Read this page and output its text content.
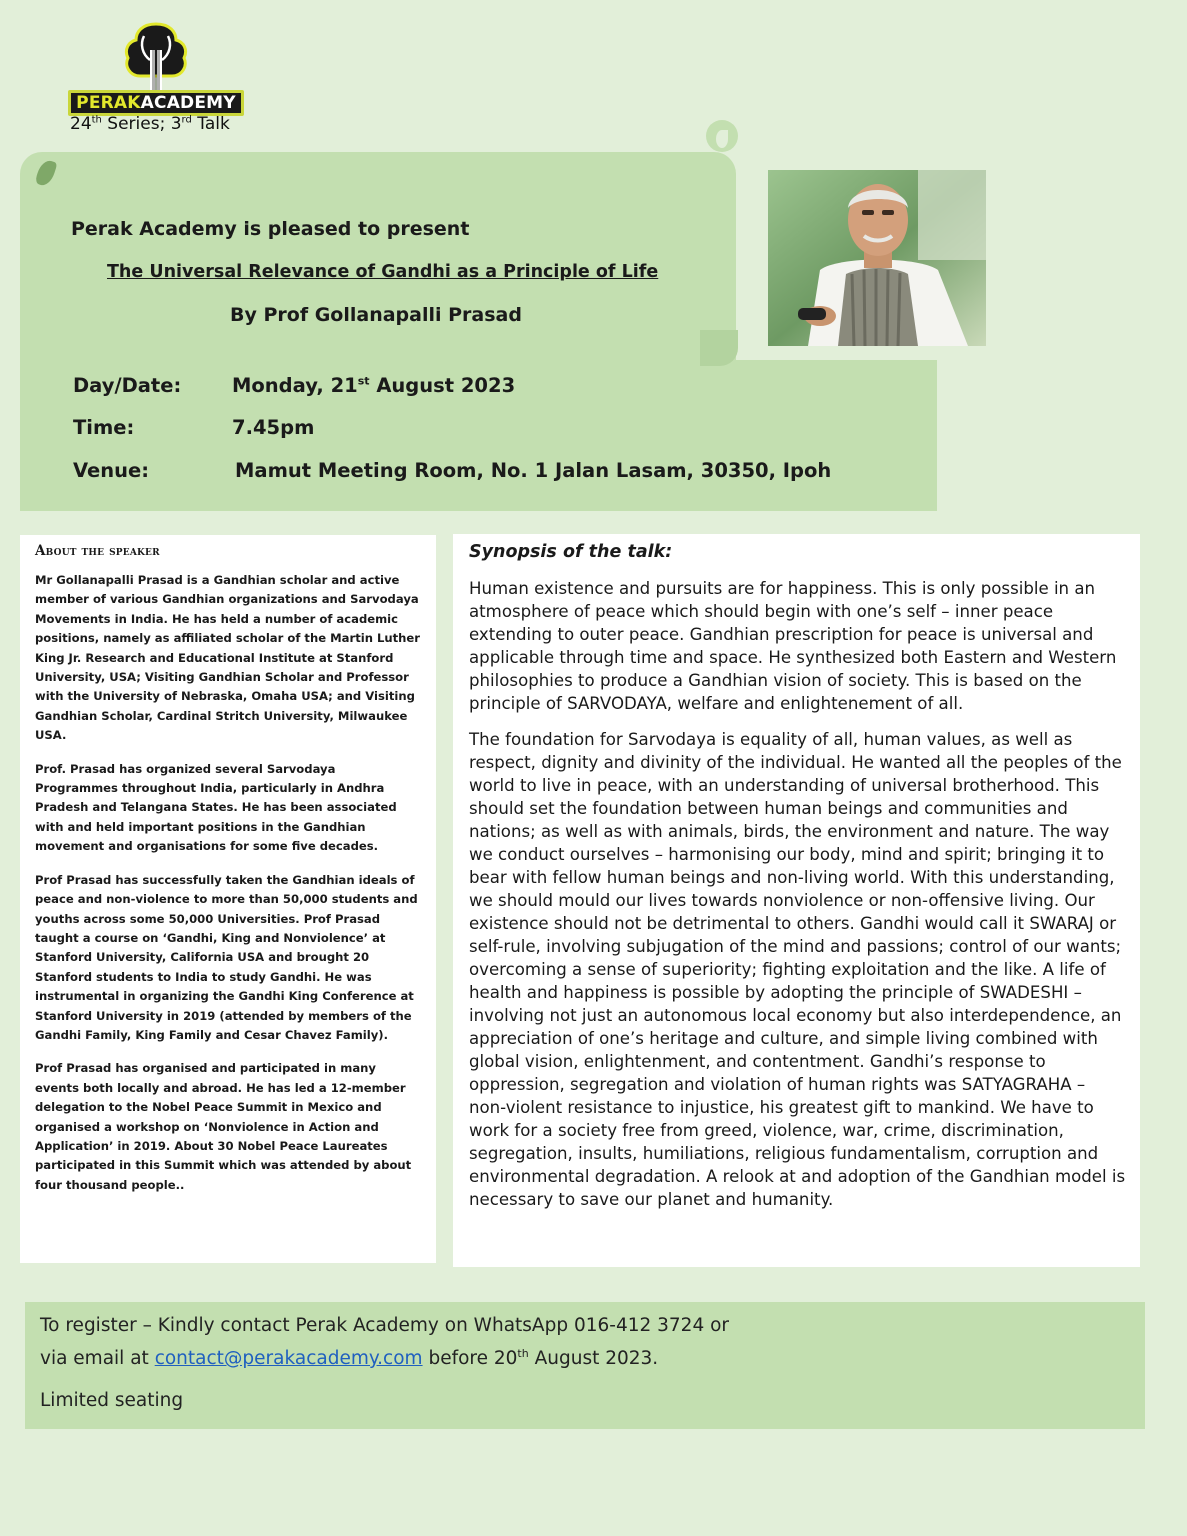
PERAKACADEMY
24th Series; 3rd Talk
Perak Academy is pleased to present
The Universal Relevance of Gandhi as a Principle of Life
By Prof Gollanapalli Prasad
Day/Date:	Monday, 21st August 2023
Time:	7.45pm
Venue:	Mamut Meeting Room, No. 1 Jalan Lasam, 30350, Ipoh
About the speaker

Mr Gollanapalli Prasad is a Gandhian scholar and active member of various Gandhian organizations and Sarvodaya Movements in India. He has held a number of academic positions, namely as affiliated scholar of the Martin Luther King Jr. Research and Educational Institute at Stanford University, USA; Visiting Gandhian Scholar and Professor with the University of Nebraska, Omaha USA; and Visiting Gandhian Scholar, Cardinal Stritch University, Milwaukee USA.

Prof. Prasad has organized several Sarvodaya Programmes throughout India, particularly in Andhra Pradesh and Telangana States. He has been associated with and held important positions in the Gandhian movement and organisations for some five decades.

Prof Prasad has successfully taken the Gandhian ideals of peace and non-violence to more than 50,000 students and youths across some 50,000 Universities. Prof Prasad taught a course on ‘Gandhi, King and Nonviolence’ at Stanford University, California USA and brought 20 Stanford students to India to study Gandhi. He was instrumental in organizing the Gandhi King Conference at Stanford University in 2019 (attended by members of the Gandhi Family, King Family and Cesar Chavez Family).

Prof Prasad has organised and participated in many events both locally and abroad. He has led a 12-member delegation to the Nobel Peace Summit in Mexico and organised a workshop on ‘Nonviolence in Action and Application’ in 2019. About 30 Nobel Peace Laureates participated in this Summit which was attended by about four thousand people..

Synopsis of the talk:

Human existence and pursuits are for happiness. This is only possible in an atmosphere of peace which should begin with one’s self – inner peace extending to outer peace. Gandhian prescription for peace is universal and applicable through time and space. He synthesized both Eastern and Western philosophies to produce a Gandhian vision of society. This is based on the principle of SARVODAYA, welfare and enlightenement of all.

The foundation for Sarvodaya is equality of all, human values, as well as respect, dignity and divinity of the individual. He wanted all the peoples of the world to live in peace, with an understanding of universal brotherhood. This should set the foundation between human beings and communities and nations; as well as with animals, birds, the environment and nature. The way we conduct ourselves – harmonising our body, mind and spirit; bringing it to bear with fellow human beings and non-living world. With this understanding, we should mould our lives towards nonviolence or non-offensive living. Our existence should not be detrimental to others. Gandhi would call it SWARAJ or self-rule, involving subjugation of the mind and passions; control of our wants; overcoming a sense of superiority; fighting exploitation and the like. A life of health and happiness is possible by adopting the principle of SWADESHI – involving not just an autonomous local economy but also interdependence, an appreciation of one’s heritage and culture, and simple living combined with global vision, enlightenment, and contentment. Gandhi’s response to oppression, segregation and violation of human rights was SATYAGRAHA – non-violent resistance to injustice, his greatest gift to mankind. We have to work for a society free from greed, violence, war, crime, discrimination, segregation, insults, humiliations, religious fundamentalism, corruption and environmental degradation. A relook at and adoption of the Gandhian model is necessary to save our planet and humanity.

To register – Kindly contact Perak Academy on WhatsApp 016-412 3724 or
via email at contact@perakacademy.com before 20th August 2023.
Limited seating
